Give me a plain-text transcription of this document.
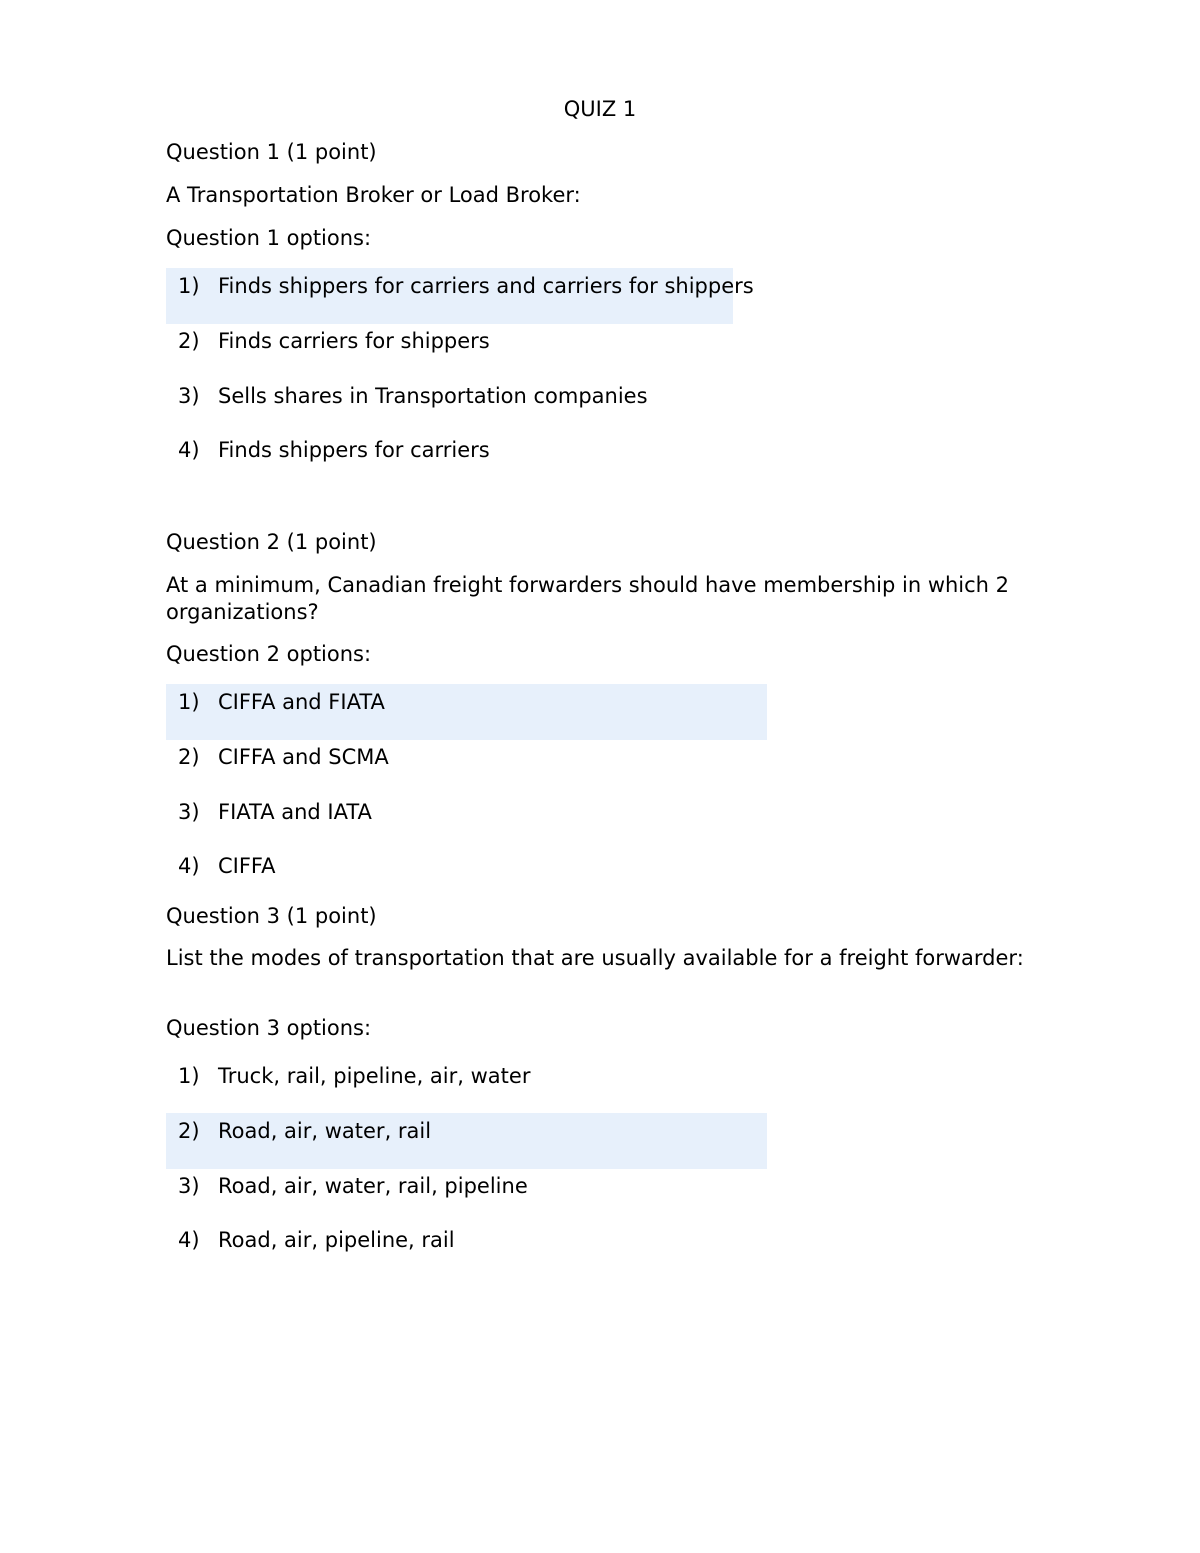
QUIZ 1
Question 1 (1 point)
A Transportation Broker or Load Broker:
Question 1 options:
1) Finds shippers for carriers and carriers for shippers
2) Finds carriers for shippers
3) Sells shares in Transportation companies
4) Finds shippers for carriers
Question 2 (1 point)
At a minimum, Canadian freight forwarders should have membership in which 2 organizations?
Question 2 options:
1) CIFFA and FIATA
2) CIFFA and SCMA
3) FIATA and IATA
4) CIFFA
Question 3 (1 point)
List the modes of transportation that are usually available for a freight forwarder:
Question 3 options:
1) Truck, rail, pipeline, air, water
2) Road, air, water, rail
3) Road, air, water, rail, pipeline
4) Road, air, pipeline, rail
